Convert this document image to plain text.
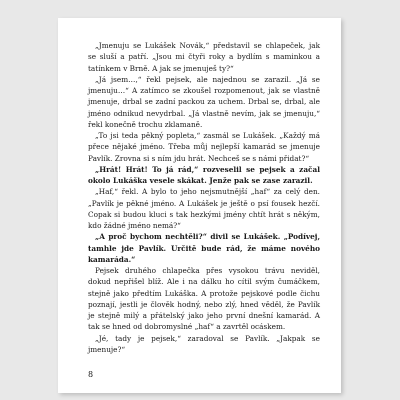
„Jmenuju se Lukášek Novák,“ představil se chlapeček, jak se sluší a patří. „Jsou mi čtyři roky a bydlím s maminkou a tatínkem v Brně. A jak se jmenuješ ty?“

„Já jsem…,“ řekl pejsek, ale najednou se zarazil. „Já se jmenuju…“ A zatímco se zkoušel rozpomenout, jak se vlastně jmenuje, drbal se zadní packou za uchem. Drbal se, drbal, ale jméno odnikud nevydrbal. „Já vlastně nevím, jak se jmenuju,“ řekl konečně trochu zklamaně.

„To jsi teda pěkný popleta,“ zasmál se Lukášek. „Každý má přece nějaké jméno. Třeba můj nejlepší kamarád se jmenuje Pavlík. Zrovna si s ním jdu hrát. Nechceš se s námi přidat?“

„Hrát! Hrát! To já rád,“ rozveselil se pejsek a začal okolo Lukáška vesele skákat. Jenže pak se zase zarazil.

„Haf,“ řekl. A bylo to jeho nejsmutnější „haf“ za celý den. „Pavlík je pěkné jméno. A Lukášek je ještě o psí fousek hezčí. Copak si budou kluci s tak hezkými jmény chtít hrát s někým, kdo žádné jméno nemá?“

„A proč bychom nechtěli?“ divil se Lukášek. „Podívej, tamhle jde Pavlík. Určitě bude rád, že máme nového kamaráda.“

Pejsek druhého chlapečka přes vysokou trávu neviděl, dokud nepřišel blíž. Ale i na dálku ho cítil svým čumáčkem, stejně jako předtím Lukáška. A protože pejskové podle čichu poznají, jestli je člověk hodný, nebo zlý, hned věděl, že Pavlík je stejně milý a přátelský jako jeho první dnešní kamarád. A tak se hned od dobromyslné „haf“ a zavrtěl ocáskem.

„Jé, tady je pejsek,“ zaradoval se Pavlík. „Jakpak se jmenuje?“

8
